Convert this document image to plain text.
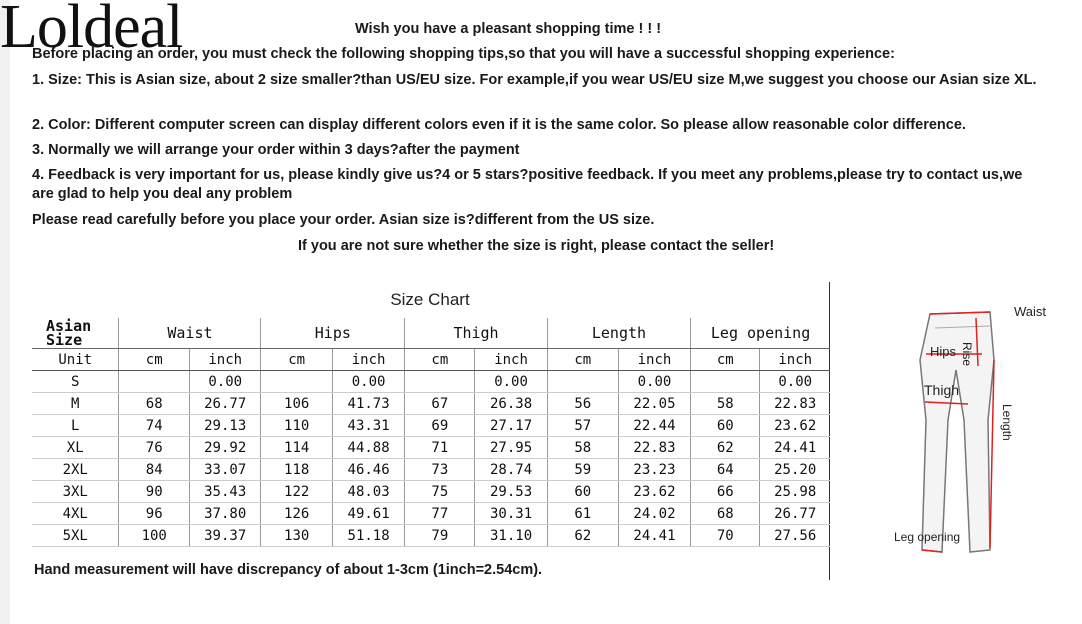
Wish you have a pleasant shopping time ! ! !
Before placing an order, you must check the following shopping tips,so that you will have a successful shopping experience:
1. Size: This is Asian size, about 2 size smaller?than US/EU size. For example,if you wear US/EU size M,we suggest you choose our Asian size XL.
2. Color: Different computer screen can display different colors even if it is the same color. So please allow reasonable color difference.
3. Normally we will arrange your order within 3 days?after the payment
4. Feedback is very important for us, please kindly give us?4 or 5 stars?positive feedback. If you meet any problems,please try to contact us,we are glad to help you deal any problem
Please read carefully before you place your order. Asian size is?different from the US size.
If you are not sure whether the size is right, please contact the seller!
Loldeal
Size Chart
Asian Size	Waist		Hips		Thigh		Length		Leg opening	
Unit	cm	inch	cm	inch	cm	inch	cm	inch	cm	inch
S		0.00		0.00		0.00		0.00		0.00
M	68	26.77	106	41.73	67	26.38	56	22.05	58	22.83
L	74	29.13	110	43.31	69	27.17	57	22.44	60	23.62
XL	76	29.92	114	44.88	71	27.95	58	22.83	62	24.41
2XL	84	33.07	118	46.46	73	28.74	59	23.23	64	25.20
3XL	90	35.43	122	48.03	75	29.53	60	23.62	66	25.98
4XL	96	37.80	126	49.61	77	30.31	61	24.02	68	26.77
5XL	100	39.37	130	51.18	79	31.10	62	24.41	70	27.56
Hand measurement will have discrepancy of about 1-3cm (1inch=2.54cm).
Waist
Hips Rise
Thigh
Length
Leg opening
